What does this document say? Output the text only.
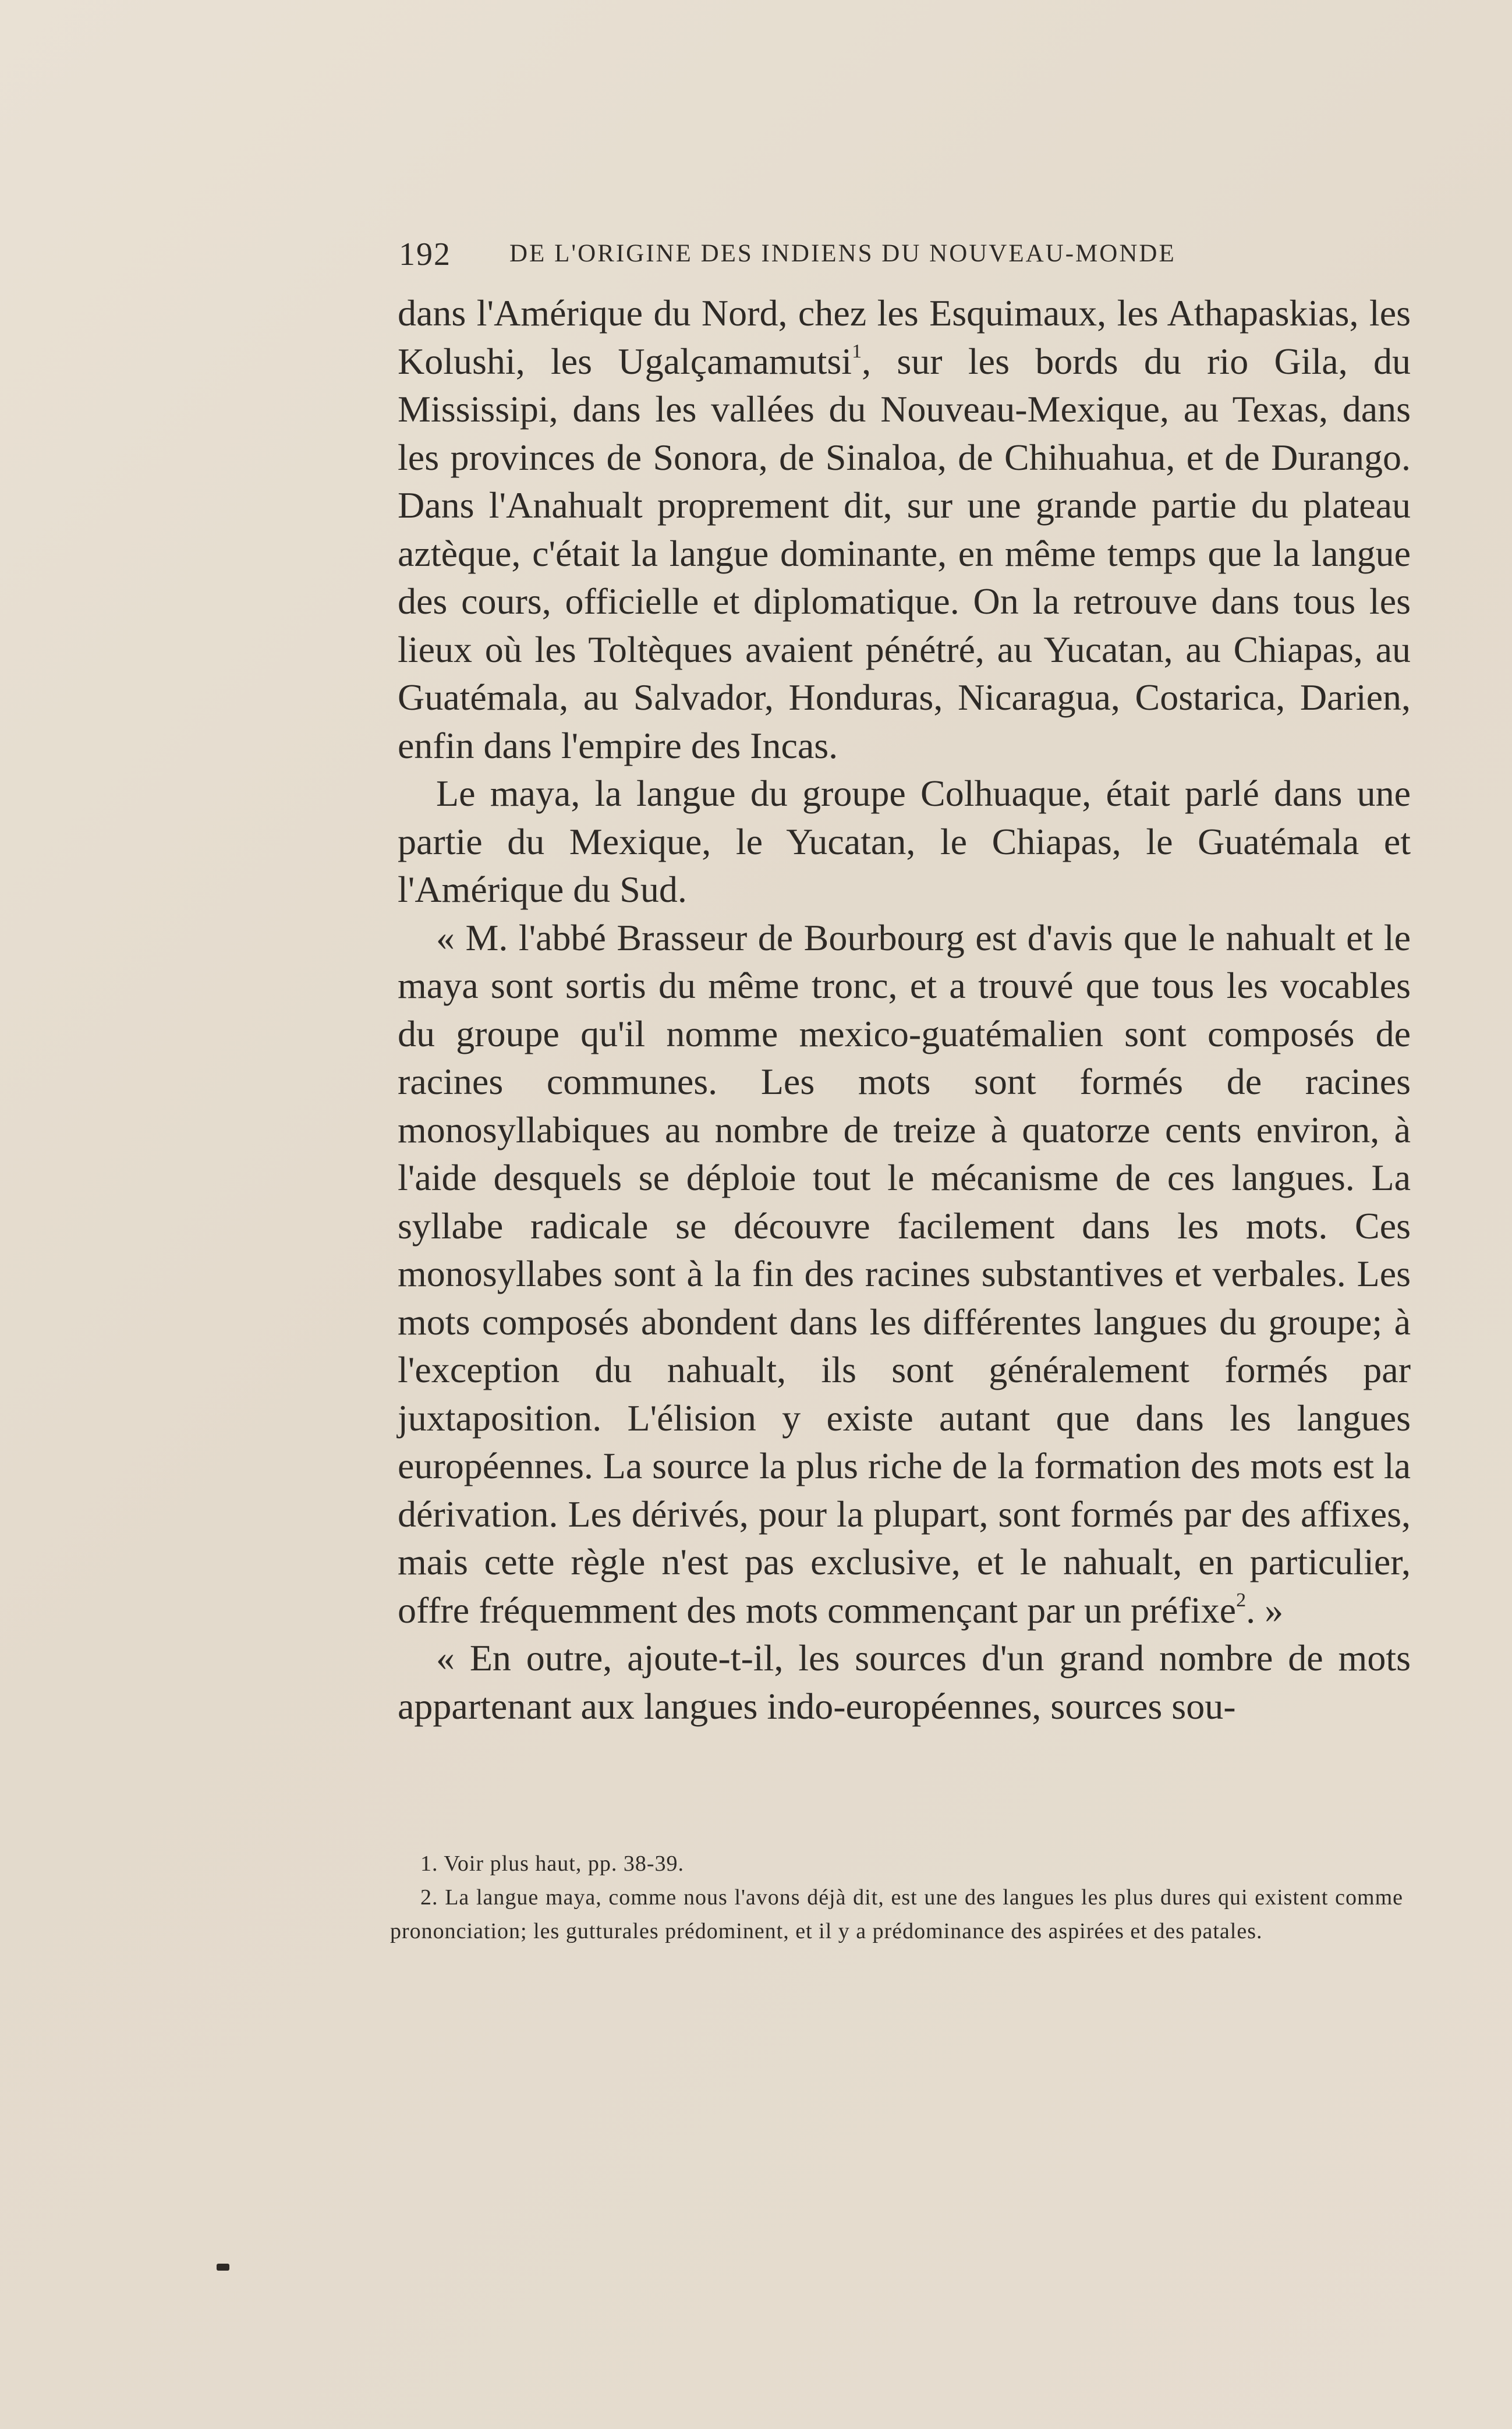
192 DE L'ORIGINE DES INDIENS DU NOUVEAU-MONDE

dans l'Amérique du Nord, chez les Esquimaux, les Athapaskias, les Kolushi, les Ugalçamamutsi$^1$, sur les bords du rio Gila, du Mississipi, dans les vallées du Nouveau-Mexique, au Texas, dans les provinces de Sonora, de Sinaloa, de Chihuahua, et de Durango. Dans l'Anahualt proprement dit, sur une grande partie du plateau aztèque, c'était la langue dominante, en même temps que la langue des cours, officielle et diplomatique. On la retrouve dans tous les lieux où les Toltèques avaient pénétré, au Yucatan, au Chiapas, au Guatémala, au Salvador, Honduras, Nicaragua, Costarica, Darien, enfin dans l'empire des Incas.

Le maya, la langue du groupe Colhuaque, était parlé dans une partie du Mexique, le Yucatan, le Chiapas, le Guatémala et l'Amérique du Sud.

« M. l'abbé Brasseur de Bourbourg est d'avis que le nahualt et le maya sont sortis du même tronc, et a trouvé que tous les vocables du groupe qu'il nomme mexico-guatémalien sont composés de racines communes. Les mots sont formés de racines monosyllabiques au nombre de treize à quatorze cents environ, à l'aide desquels se déploie tout le mécanisme de ces langues. La syllabe radicale se découvre facilement dans les mots. Ces monosyllabes sont à la fin des racines substantives et verbales. Les mots composés abondent dans les différentes langues du groupe; à l'exception du nahualt, ils sont généralement formés par juxtaposition. L'élision y existe autant que dans les langues européennes. La source la plus riche de la formation des mots est la dérivation. Les dérivés, pour la plupart, sont formés par des affixes, mais cette règle n'est pas exclusive, et le nahualt, en particulier, offre fréquemment des mots commençant par un préfixe$^2$. »

« En outre, ajoute-t-il, les sources d'un grand nombre de mots appartenant aux langues indo-européennes, sources sou-

1. Voir plus haut, pp. 38-39.

2. La langue maya, comme nous l'avons déjà dit, est une des langues les plus dures qui existent comme prononciation; les gutturales prédominent, et il y a prédominance des aspirées et des patales.
